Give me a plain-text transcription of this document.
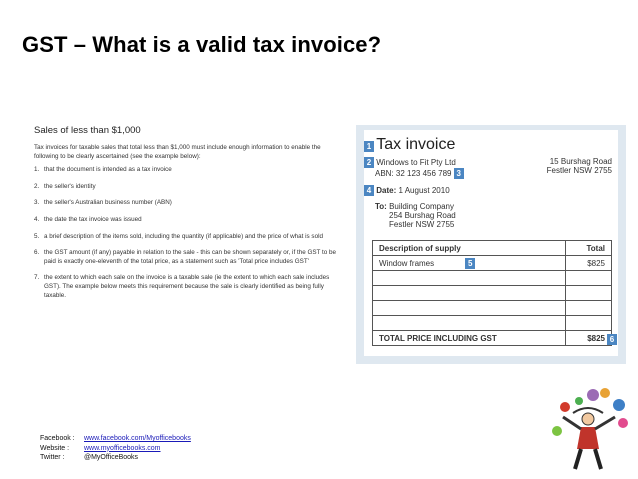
GST – What is a valid tax invoice?
Sales of less than $1,000

Tax invoices for taxable sales that total less than $1,000 must include enough information to enable the following to be clearly ascertained (see the example below):

1. that the document is intended as a tax invoice
2. the seller's identity
3. the seller's Australian business number (ABN)
4. the date the tax invoice was issued
5. a brief description of the items sold, including the quantity (if applicable) and the price of what is sold
6. the GST amount (if any) payable in relation to the sale - this can be shown separately or, if the GST to be paid is exactly one-eleventh of the total price, as a statement such as 'Total price includes GST'
7. the extent to which each sale on the invoice is a taxable sale (ie the extent to which each sale includes GST). The example below meets this requirement because the sale is clearly identified as being fully taxable.
1 Tax invoice
2 Windows to Fit Pty Ltd
ABN: 32 123 456 789 3
15 Burshag Road
Festler NSW 2755
4 Date: 1 August 2010
To: Building Company
254 Burshag Road
Festler NSW 2755
Description of supply	Total
Window frames 5	$825

TOTAL PRICE INCLUDING GST	$825 6
Facebook : www.facebook.com/Myofficebooks
Website : www.myofficebooks.com
Twitter :	@MyOfficeBooks
